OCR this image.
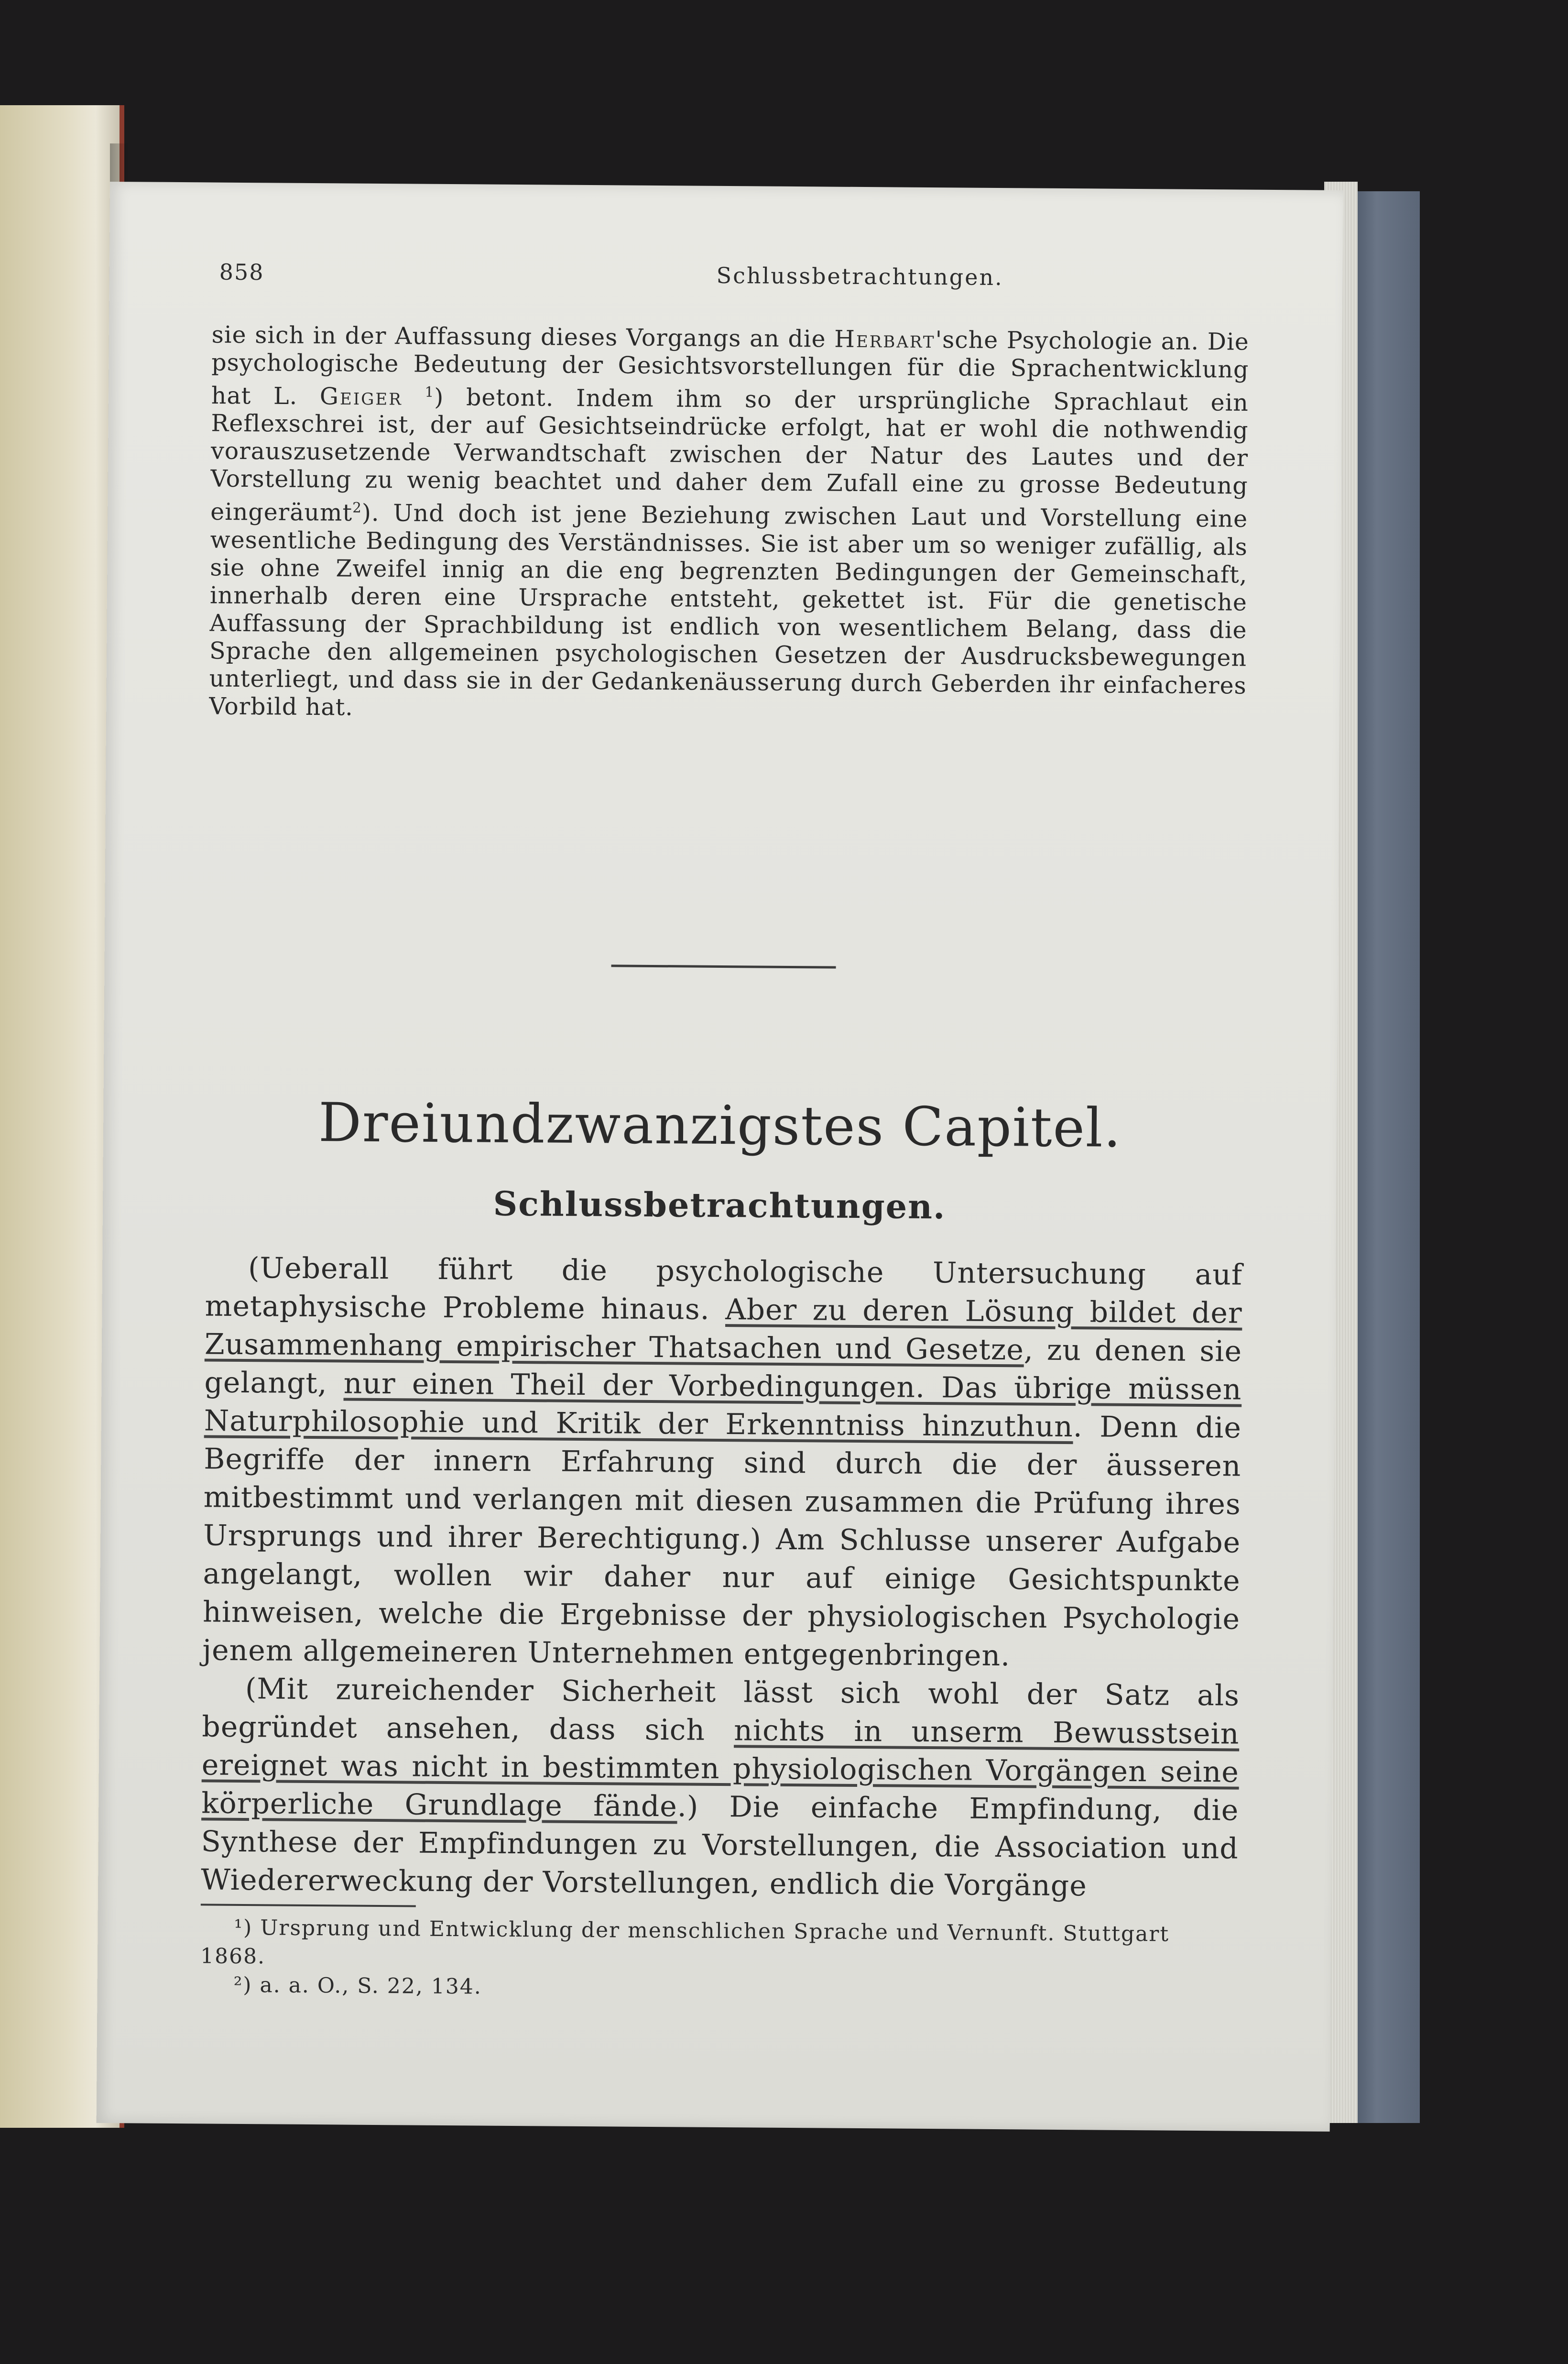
858	Schlussbetrachtungen.
sie sich in der Auffassung dieses Vorgangs an die Herbart'sche Psychologie an. Die psychologische Bedeutung der Gesichtsvorstellungen für die Sprachentwicklung hat L. Geiger $^1$) betont. Indem ihm so der ursprüngliche Sprachlaut ein Reflexschrei ist, der auf Gesichtseindrücke erfolgt, hat er wohl die nothwendig vorauszusetzende Verwandtschaft zwischen der Natur des Lautes und der Vorstellung zu wenig beachtet und daher dem Zufall eine zu grosse Bedeutung eingeräumt$^2$). Und doch ist jene Beziehung zwischen Laut und Vorstellung eine wesentliche Bedingung des Verständnisses. Sie ist aber um so weniger zufällig, als sie ohne Zweifel innig an die eng begrenzten Bedingungen der Gemeinschaft, innerhalb deren eine Ursprache entsteht, gekettet ist. Für die genetische Auffassung der Sprachbildung ist endlich von wesentlichem Belang, dass die Sprache den allgemeinen psychologischen Gesetzen der Ausdrucksbewegungen unterliegt, und dass sie in der Gedankenäusserung durch Geberden ihr einfacheres Vorbild hat.
Dreiundzwanzigstes Capitel.
Schlussbetrachtungen.

(Ueberall führt die psychologische Untersuchung auf metaphysische Probleme hinaus. Aber zu deren Lösung bildet der Zusammenhang empirischer Thatsachen und Gesetze, zu denen sie gelangt, nur einen Theil der Vorbedingungen. Das übrige müssen Naturphilosophie und Kritik der Erkenntniss hinzuthun. Denn die Begriffe der innern Erfahrung sind durch die der äusseren mitbestimmt und verlangen mit diesen zusammen die Prüfung ihres Ursprungs und ihrer Berechtigung.) Am Schlusse unserer Aufgabe angelangt, wollen wir daher nur auf einige Gesichtspunkte hinweisen, welche die Ergebnisse der physiologischen Psychologie jenem allgemeineren Unternehmen entgegenbringen.

(Mit zureichender Sicherheit lässt sich wohl der Satz als begründet ansehen, dass sich nichts in unserm Bewusstsein ereignet was nicht in bestimmten physiologischen Vorgängen seine körperliche Grundlage fände.) Die einfache Empfindung, die Synthese der Empfindungen zu Vorstellungen, die Association und Wiedererweckung der Vorstellungen, endlich die Vorgänge

¹) Ursprung und Entwicklung der menschlichen Sprache und Vernunft. Stuttgart 1868.

²) a. a. O., S. 22, 134.
